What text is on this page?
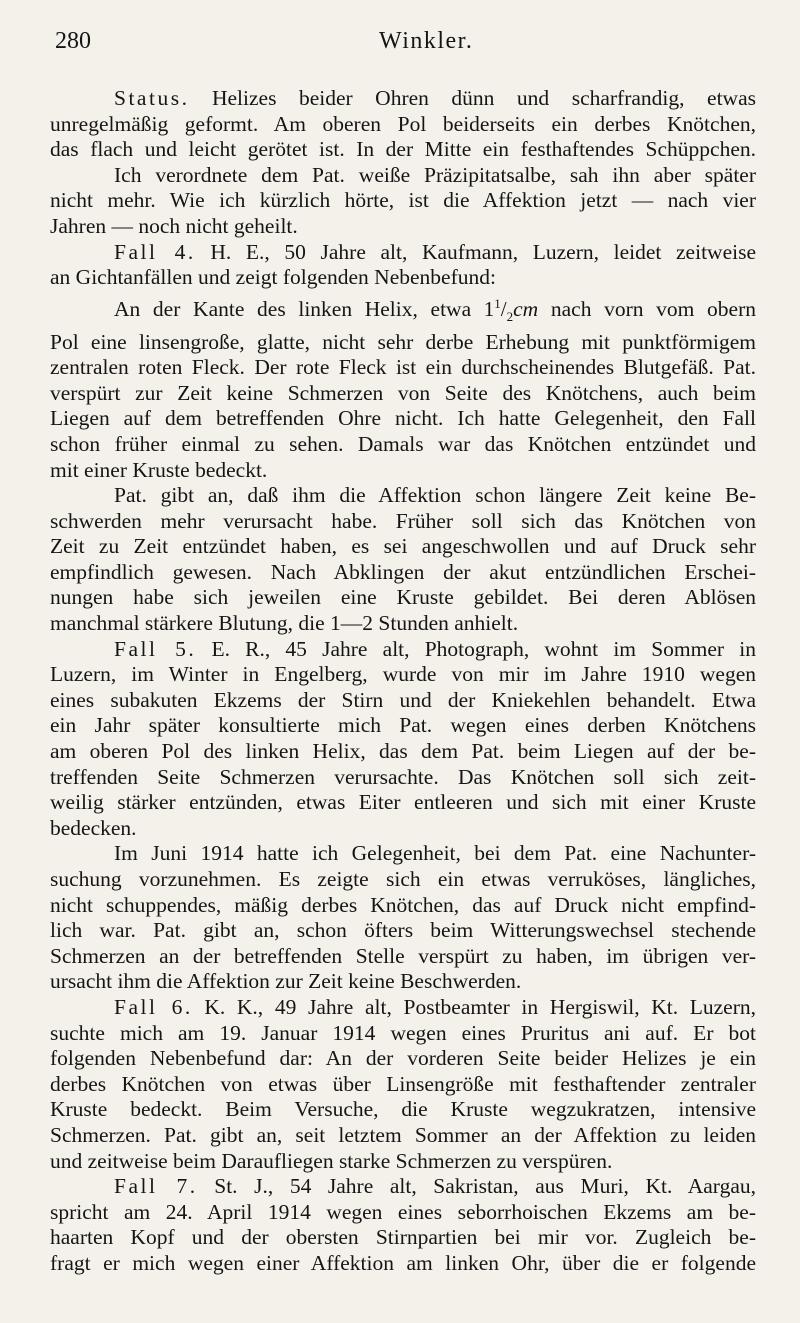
280	Winkler.

Status. Helizes beider Ohren dünn und scharfrandig, etwas

unregelmäßig geformt. Am oberen Pol beiderseits ein derbes Knötchen,

das flach und leicht gerötet ist. In der Mitte ein festhaftendes Schüppchen.

Ich verordnete dem Pat. weiße Präzipitatsalbe, sah ihn aber später

nicht mehr. Wie ich kürzlich hörte, ist die Affektion jetzt — nach vier

Jahren — noch nicht geheilt.

Fall 4. H. E., 50 Jahre alt, Kaufmann, Luzern, leidet zeitweise

an Gichtanfällen und zeigt folgenden Nebenbefund:

An der Kante des linken Helix, etwa $1^1/_2cm$ nach vorn vom obern

Pol eine linsengroße, glatte, nicht sehr derbe Erhebung mit punktförmigem

zentralen roten Fleck. Der rote Fleck ist ein durchscheinendes Blutgefäß. Pat.

verspürt zur Zeit keine Schmerzen von Seite des Knötchens, auch beim

Liegen auf dem betreffenden Ohre nicht. Ich hatte Gelegenheit, den Fall

schon früher einmal zu sehen. Damals war das Knötchen entzündet und

mit einer Kruste bedeckt.

Pat. gibt an, daß ihm die Affektion schon längere Zeit keine Be-

schwerden mehr verursacht habe. Früher soll sich das Knötchen von

Zeit zu Zeit entzündet haben, es sei angeschwollen und auf Druck sehr

empfindlich gewesen. Nach Abklingen der akut entzündlichen Erschei-

nungen habe sich jeweilen eine Kruste gebildet. Bei deren Ablösen

manchmal stärkere Blutung, die 1—2 Stunden anhielt.

Fall 5. E. R., 45 Jahre alt, Photograph, wohnt im Sommer in

Luzern, im Winter in Engelberg, wurde von mir im Jahre 1910 wegen

eines subakuten Ekzems der Stirn und der Kniekehlen behandelt. Etwa

ein Jahr später konsultierte mich Pat. wegen eines derben Knötchens

am oberen Pol des linken Helix, das dem Pat. beim Liegen auf der be-

treffenden Seite Schmerzen verursachte. Das Knötchen soll sich zeit-

weilig stärker entzünden, etwas Eiter entleeren und sich mit einer Kruste

bedecken.

Im Juni 1914 hatte ich Gelegenheit, bei dem Pat. eine Nachunter-

suchung vorzunehmen. Es zeigte sich ein etwas verruköses, längliches,

nicht schuppendes, mäßig derbes Knötchen, das auf Druck nicht empfind-

lich war. Pat. gibt an, schon öfters beim Witterungswechsel stechende

Schmerzen an der betreffenden Stelle verspürt zu haben, im übrigen ver-

ursacht ihm die Affektion zur Zeit keine Beschwerden.

Fall 6. K. K., 49 Jahre alt, Postbeamter in Hergiswil, Kt. Luzern,

suchte mich am 19. Januar 1914 wegen eines Pruritus ani auf. Er bot

folgenden Nebenbefund dar: An der vorderen Seite beider Helizes je ein

derbes Knötchen von etwas über Linsengröße mit festhaftender zentraler

Kruste bedeckt. Beim Versuche, die Kruste wegzukratzen, intensive

Schmerzen. Pat. gibt an, seit letztem Sommer an der Affektion zu leiden

und zeitweise beim Daraufliegen starke Schmerzen zu verspüren.

Fall 7. St. J., 54 Jahre alt, Sakristan, aus Muri, Kt. Aargau,

spricht am 24. April 1914 wegen eines seborrhoischen Ekzems am be-

haarten Kopf und der obersten Stirnpartien bei mir vor. Zugleich be-

fragt er mich wegen einer Affektion am linken Ohr, über die er folgende
